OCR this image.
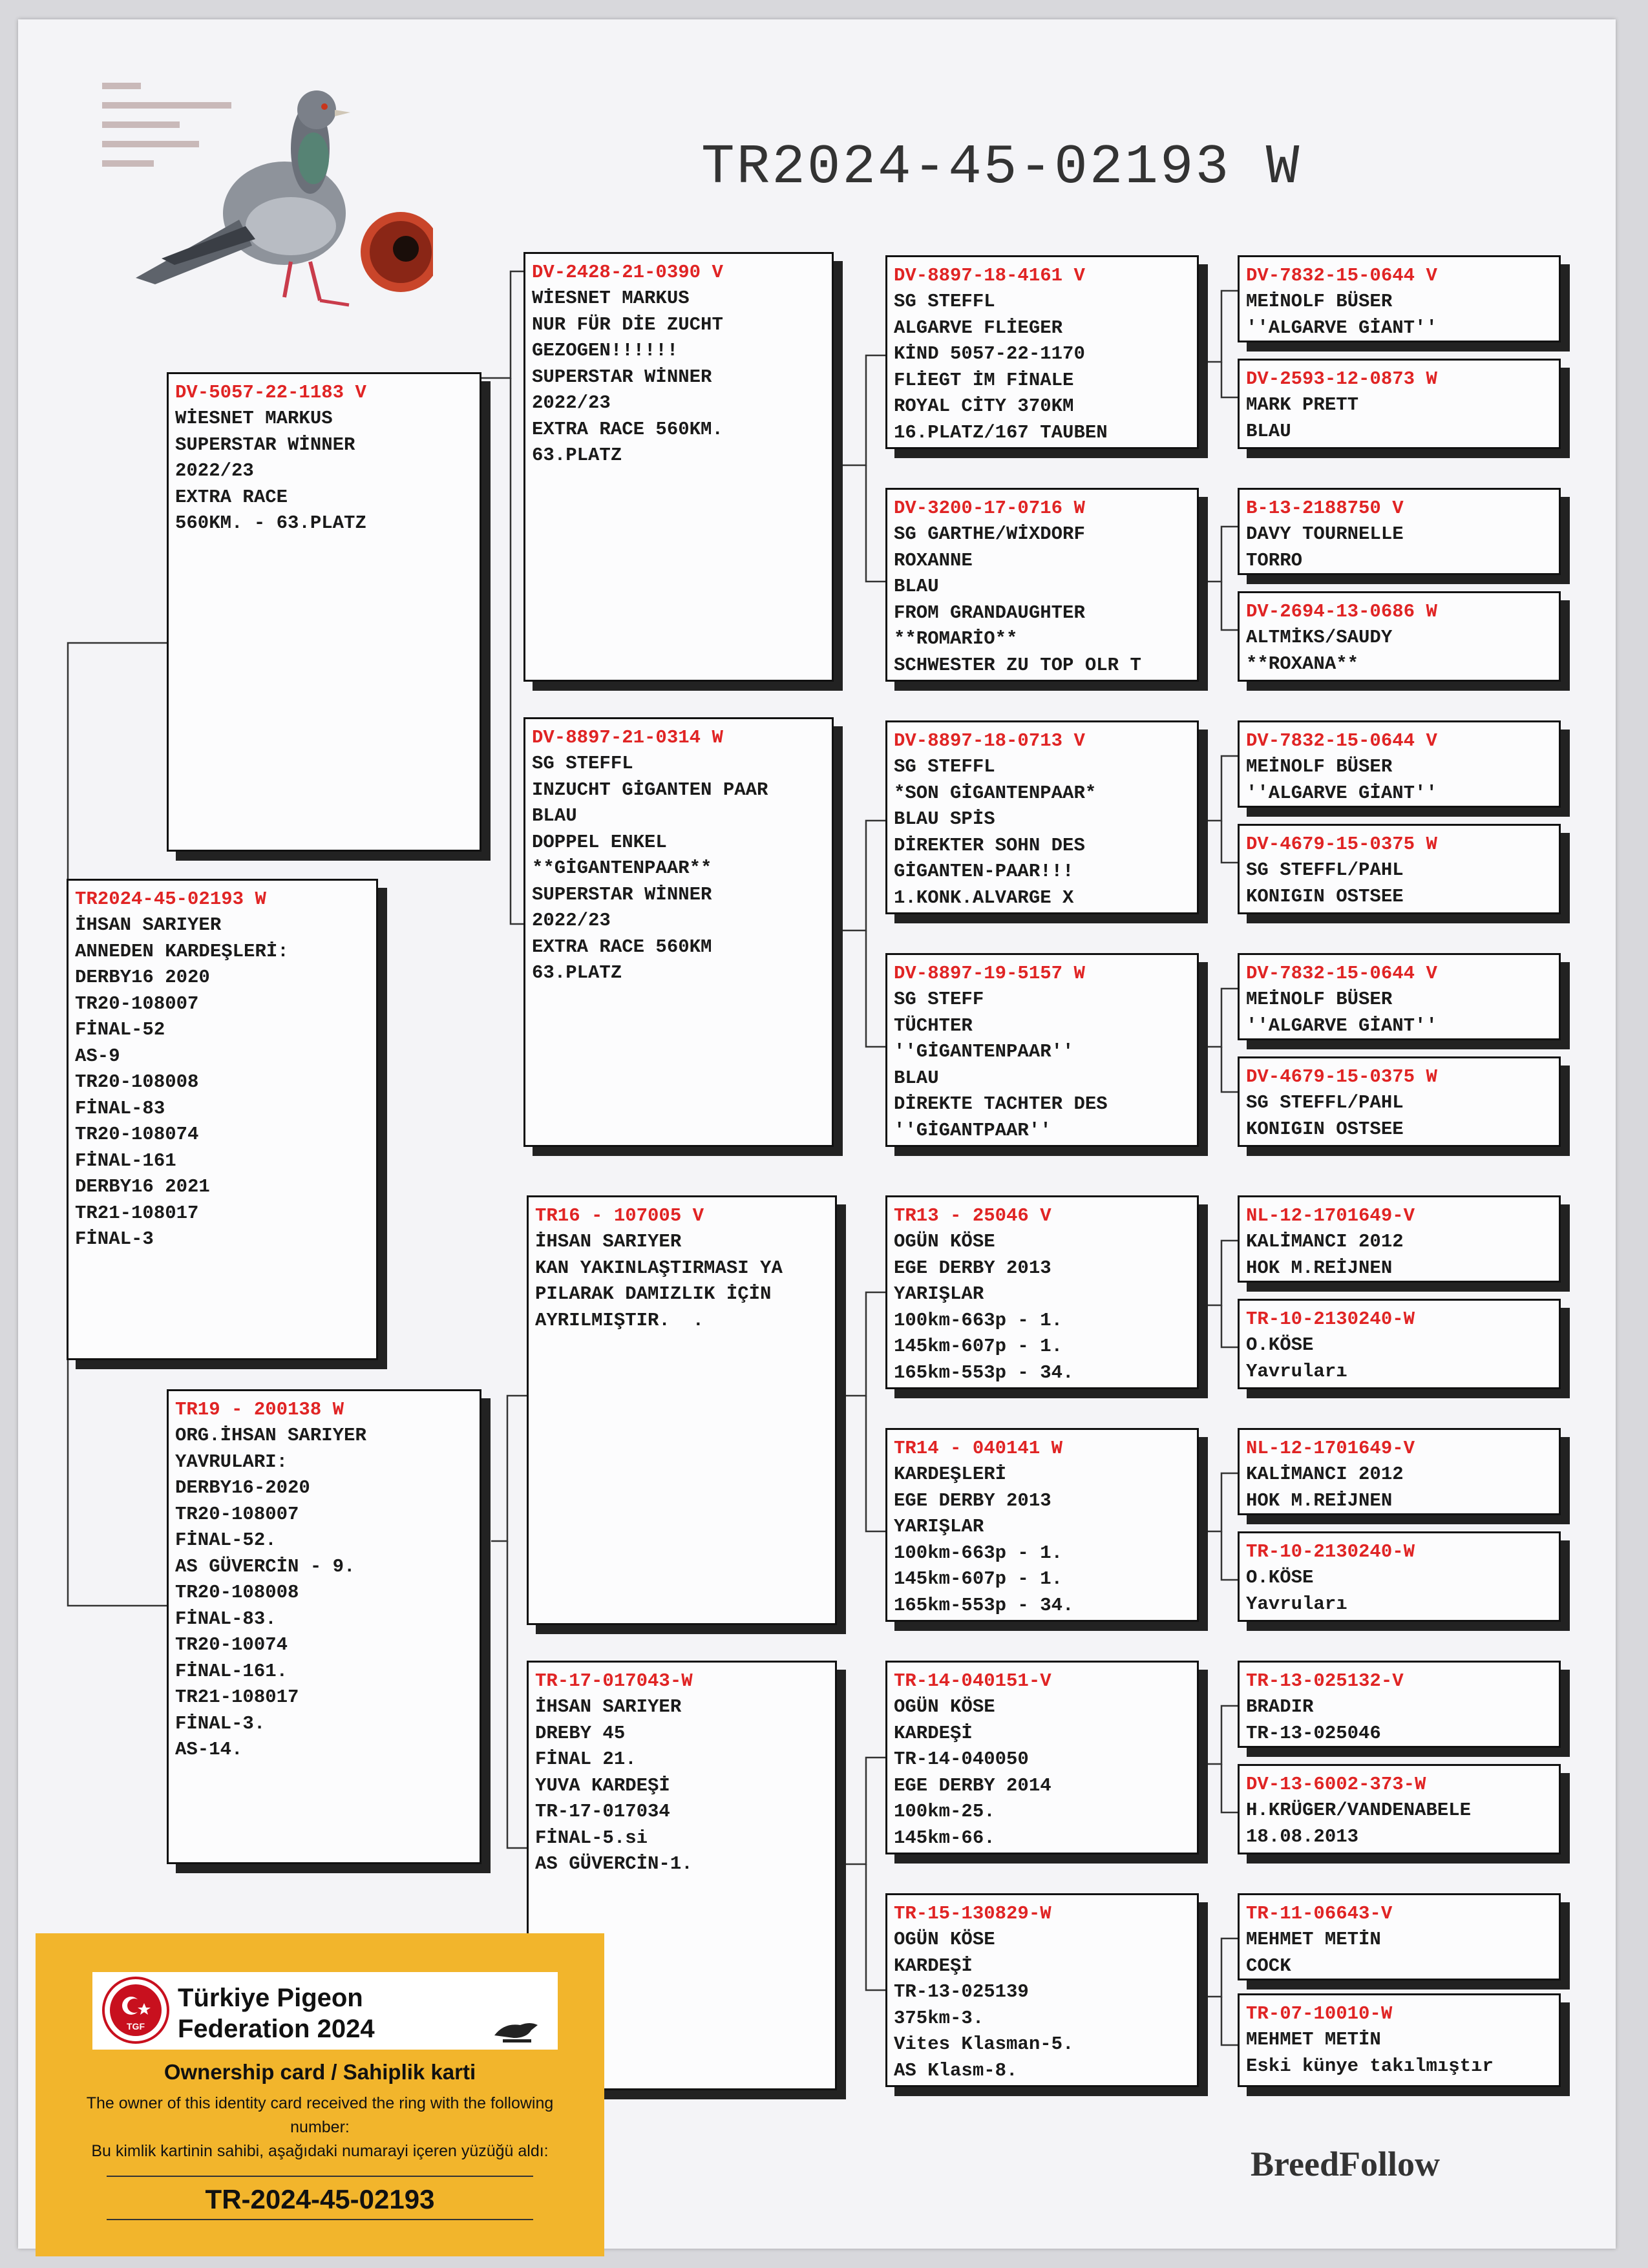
TR2024-45-02193 W
TR2024-45-02193 W
İHSAN SARIYER
ANNEDEN KARDEŞLERİ:
DERBY16 2020
TR20-108007
FİNAL-52
AS-9
TR20-108008
FİNAL-83
TR20-108074
FİNAL-161
DERBY16 2021
TR21-108017
FİNAL-3
DV-5057-22-1183 V
WİESNET MARKUS
SUPERSTAR WİNNER
2022/23
EXTRA RACE
560KM. - 63.PLATZ
TR19 - 200138 W
ORG.İHSAN SARIYER
YAVRULARI:
DERBY16-2020
TR20-108007
FİNAL-52.
AS GÜVERCİN - 9.
TR20-108008
FİNAL-83.
TR20-10074
FİNAL-161.
TR21-108017
FİNAL-3.
AS-14.
DV-2428-21-0390 V
WİESNET MARKUS
NUR FÜR DİE ZUCHT
GEZOGEN!!!!!!
SUPERSTAR WİNNER
2022/23
EXTRA RACE 560KM.
63.PLATZ
DV-8897-21-0314 W
SG STEFFL
INZUCHT GİGANTEN PAAR
BLAU
DOPPEL ENKEL
**GİGANTENPAAR**
SUPERSTAR WİNNER
2022/23
EXTRA RACE 560KM
63.PLATZ
TR16 - 107005 V
İHSAN SARIYER
KAN YAKINLAŞTIRMASI YA
PILARAK DAMIZLIK İÇİN
AYRILMIŞTIR.  .
TR-17-017043-W
İHSAN SARIYER
DREBY 45
FİNAL 21.
YUVA KARDEŞİ
TR-17-017034
FİNAL-5.si
AS GÜVERCİN-1.
DV-8897-18-4161 V
SG STEFFL
ALGARVE FLİEGER
KİND 5057-22-1170
FLİEGT İM FİNALE
ROYAL CİTY 370KM
16.PLATZ/167 TAUBEN
DV-3200-17-0716 W
SG GARTHE/WİXDORF
ROXANNE
BLAU
FROM GRANDAUGHTER
**ROMARİO**
SCHWESTER ZU TOP OLR T
DV-8897-18-0713 V
SG STEFFL
*SON GİGANTENPAAR*
BLAU SPİS
DİREKTER SOHN DES
GİGANTEN-PAAR!!!
1.KONK.ALVARGE X
DV-8897-19-5157 W
SG STEFF
TÜCHTER
''GİGANTENPAAR''
BLAU
DİREKTE TACHTER DES
''GİGANTPAAR''
TR13 - 25046 V
OGÜN KÖSE
EGE DERBY 2013
YARIŞLAR
100km-663p - 1.
145km-607p - 1.
165km-553p - 34.
TR14 - 040141 W
KARDEŞLERİ
EGE DERBY 2013
YARIŞLAR
100km-663p - 1.
145km-607p - 1.
165km-553p - 34.
TR-14-040151-V
OGÜN KÖSE
KARDEŞİ
TR-14-040050
EGE DERBY 2014
100km-25.
145km-66.
TR-15-130829-W
OGÜN KÖSE
KARDEŞİ
TR-13-025139
375km-3.
Vites Klasman-5.
AS Klasm-8.
DV-7832-15-0644 V
MEİNOLF BÜSER
''ALGARVE GİANT''
DV-2593-12-0873 W
MARK PRETT
BLAU
B-13-2188750 V
DAVY TOURNELLE
TORRO
DV-2694-13-0686 W
ALTMİKS/SAUDY
**ROXANA**
DV-7832-15-0644 V
MEİNOLF BÜSER
''ALGARVE GİANT''
DV-4679-15-0375 W
SG STEFFL/PAHL
KONIGIN OSTSEE
DV-7832-15-0644 V
MEİNOLF BÜSER
''ALGARVE GİANT''
DV-4679-15-0375 W
SG STEFFL/PAHL
KONIGIN OSTSEE
NL-12-1701649-V
KALİMANCI 2012
HOK M.REİJNEN
TR-10-2130240-W
O.KÖSE
Yavruları
NL-12-1701649-V
KALİMANCI 2012
HOK M.REİJNEN
TR-10-2130240-W
O.KÖSE
Yavruları
TR-13-025132-V
BRADIR
TR-13-025046
DV-13-6002-373-W
H.KRÜGER/VANDENABELE
18.08.2013
TR-11-06643-V
MEHMET METİN
COCK
TR-07-10010-W
MEHMET METİN
Eski künye takılmıştır
BreedFollow
TGF
Türkiye Pigeon
Federation 2024
Ownership card / Sahiplik karti
The owner of this identity card received the ring with the following number:
Bu kimlik kartinin sahibi, aşağıdaki numarayi içeren yüzüğü aldı:
TR-2024-45-02193
